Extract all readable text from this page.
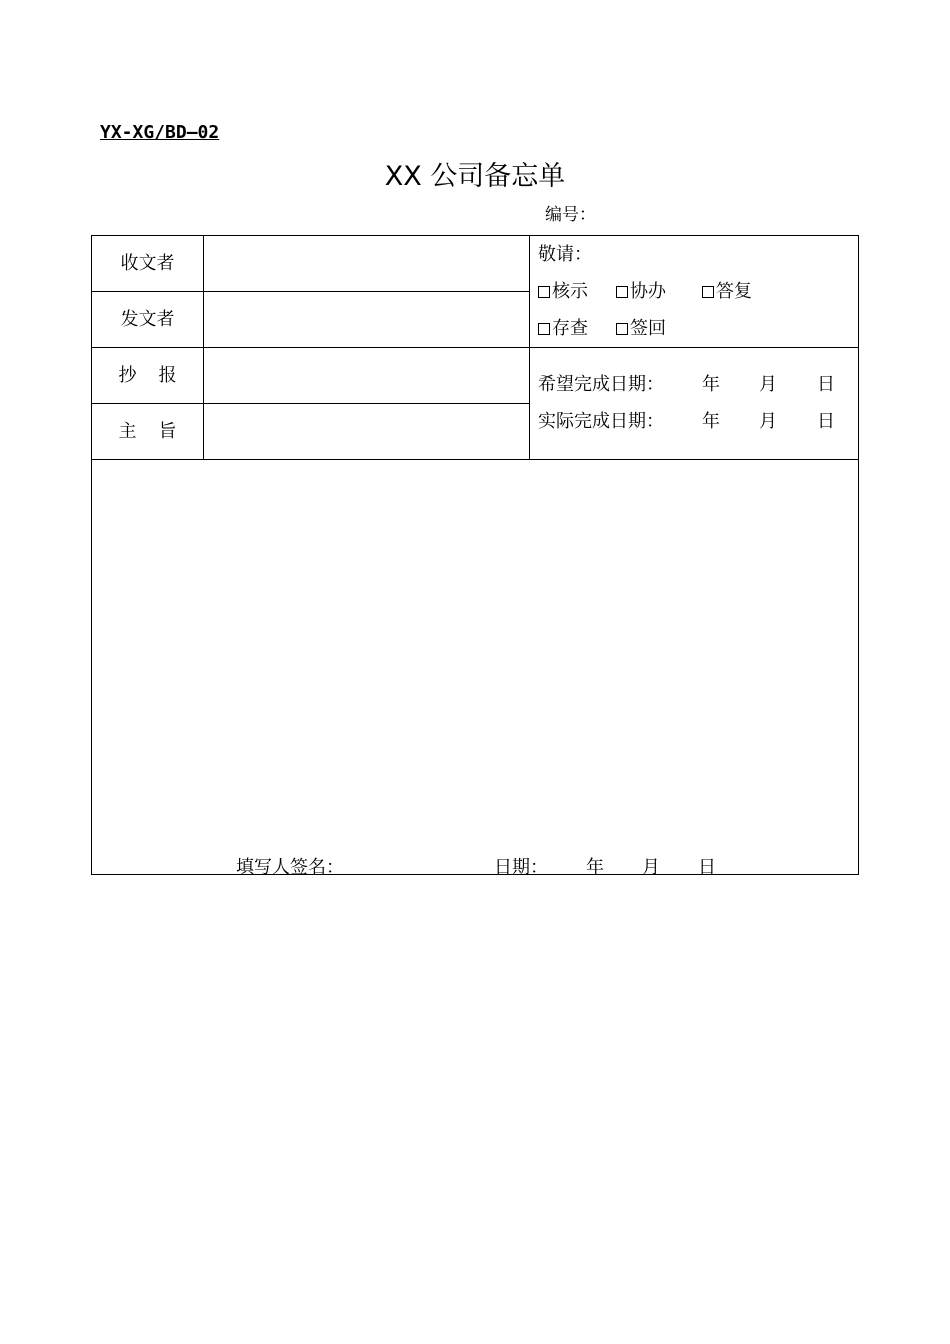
YX-XG/BD—02
XX 公司备忘单
编号：
收文者
发文者
抄 报
主 旨
敬请：
核示	协办	答复
存查	签回
希望完成日期： 年 月 日
实际完成日期： 年 月 日
填写人签名：	日期： 年 月 日
